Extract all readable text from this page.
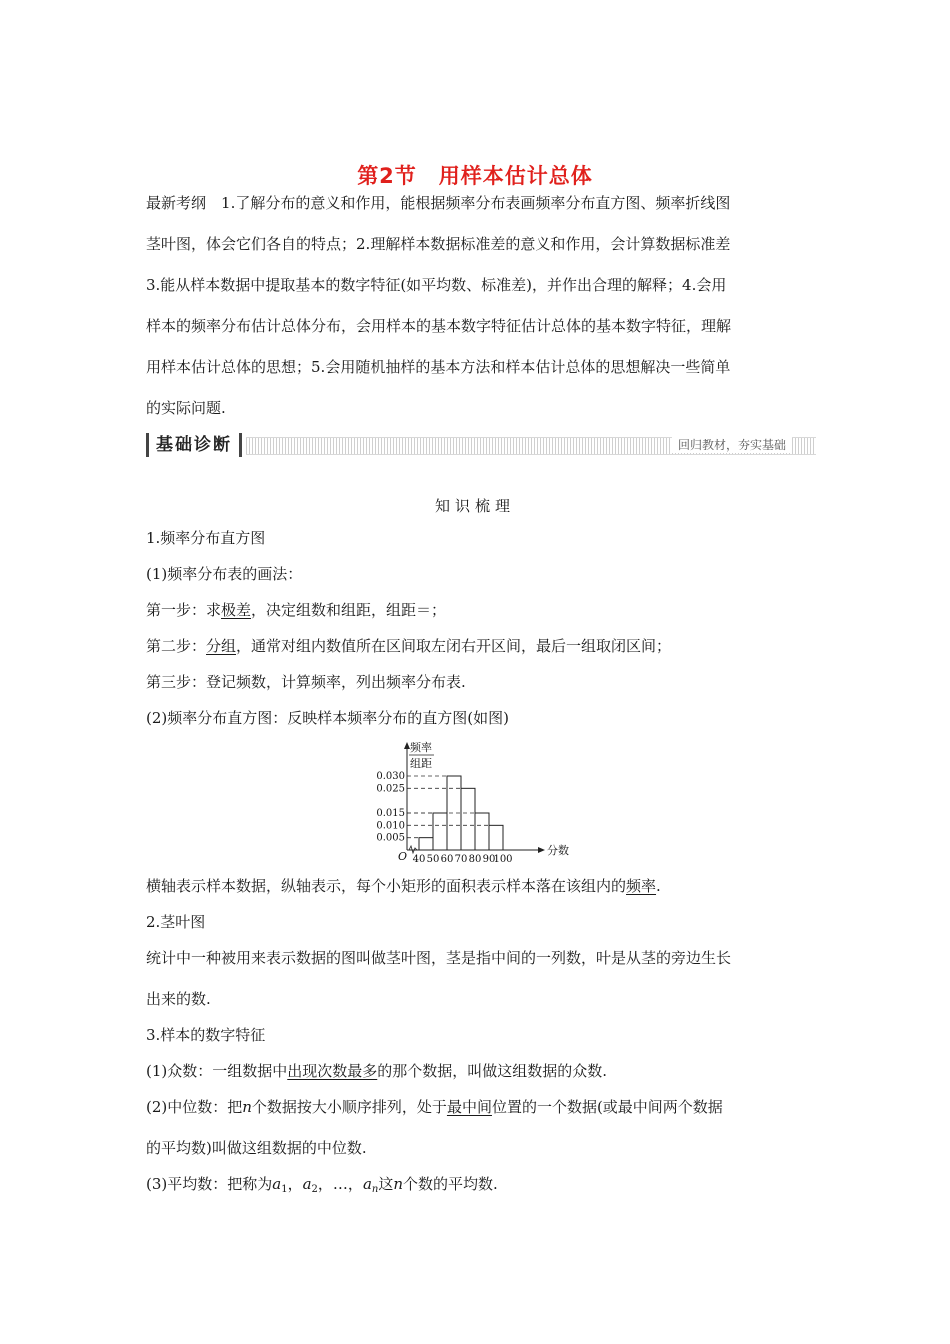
第2节　用样本估计总体
最新考纲　 1.了解分布的意义和作用，能根据频率分布表画频率分布直方图、频率折线图
茎叶图，体会它们各自的特点；2.理解样本数据标准差的意义和作用，会计算数据标准差
3.能从样本数据中提取基本的数字特征(如平均数、标准差)，并作出合理的解释；4.会用
样本的频率分布估计总体分布，会用样本的基本数字特征估计总体的基本数字特征，理解
用样本估计总体的思想；5.会用随机抽样的基本方法和样本估计总体的思想解决一些简单
的实际问题.
基础诊断	回归教材，夯实基础
知识梳理
1.频率分布直方图
(1)频率分布表的画法：
第一步：求极差，决定组数和组距，组距＝；
第二步：分组，通常对组内数值所在区间取左闭右开区间，最后一组取闭区间；
第三步：登记频数，计算频率，列出频率分布表.
(2)频率分布直方图：反映样本频率分布的直方图(如图)
0.005
0.010
0.015
0.025
0.030
40 50 60 70 80 90
100
O
频率
组距
分数
横轴表示样本数据，纵轴表示，每个小矩形的面积表示样本落在该组内的频率.
2.茎叶图
统计中一种被用来表示数据的图叫做茎叶图，茎是指中间的一列数，叶是从茎的旁边生长
出来的数.
3.样本的数字特征
(1)众数：一组数据中出现次数最多的那个数据，叫做这组数据的众数.
(2)中位数：把n个数据按大小顺序排列，处于最中间位置的一个数据(或最中间两个数据
的平均数)叫做这组数据的中位数.
(3)平均数：把称为$a_1$，$a_2$，…，$a_n$这n个数的平均数.
